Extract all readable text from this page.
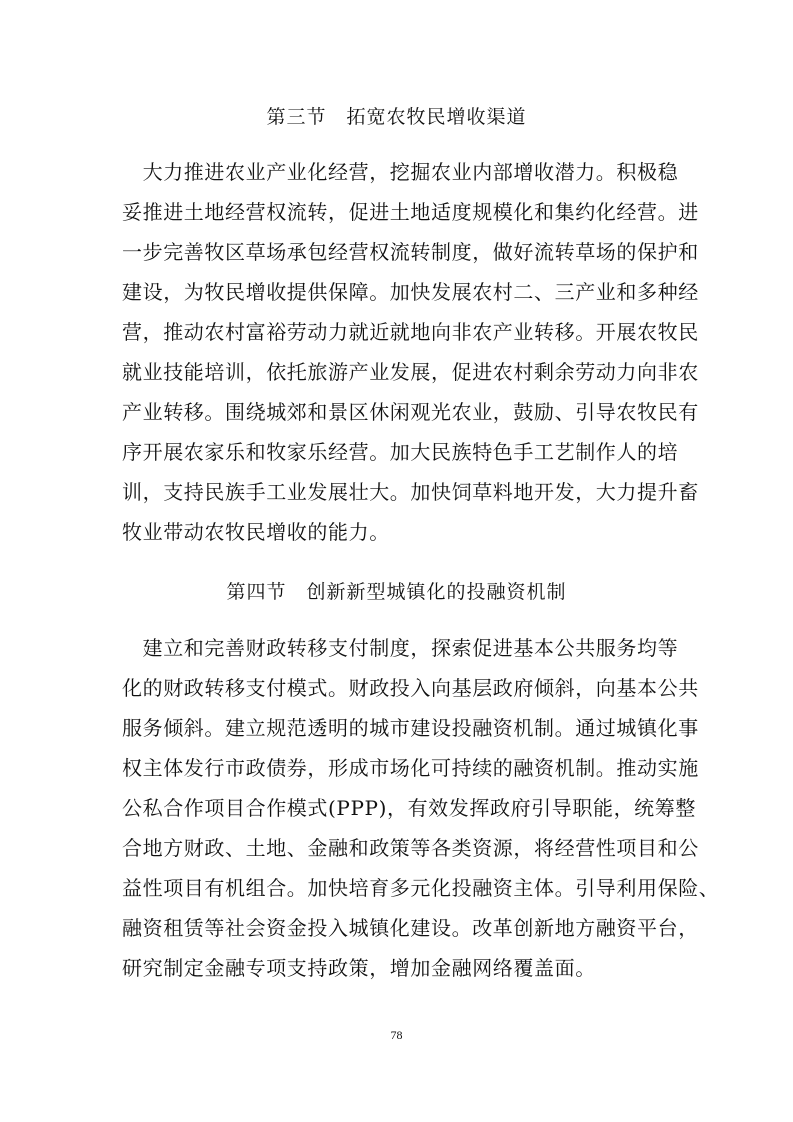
第三节　拓宽农牧民增收渠道
　大力推进农业产业化经营，挖掘农业内部增收潜力。积极稳
妥推进土地经营权流转，促进土地适度规模化和集约化经营。进
一步完善牧区草场承包经营权流转制度，做好流转草场的保护和
建设，为牧民增收提供保障。加快发展农村二、三产业和多种经
营，推动农村富裕劳动力就近就地向非农产业转移。开展农牧民
就业技能培训，依托旅游产业发展，促进农村剩余劳动力向非农
产业转移。围绕城郊和景区休闲观光农业，鼓励、引导农牧民有
序开展农家乐和牧家乐经营。加大民族特色手工艺制作人的培
训，支持民族手工业发展壮大。加快饲草料地开发，大力提升畜
牧业带动农牧民增收的能力。
第四节　创新新型城镇化的投融资机制
　建立和完善财政转移支付制度，探索促进基本公共服务均等
化的财政转移支付模式。财政投入向基层政府倾斜，向基本公共
服务倾斜。建立规范透明的城市建设投融资机制。通过城镇化事
权主体发行市政债券，形成市场化可持续的融资机制。推动实施
公私合作项目合作模式(PPP)，有效发挥政府引导职能，统筹整
合地方财政、土地、金融和政策等各类资源，将经营性项目和公
益性项目有机组合。加快培育多元化投融资主体。引导利用保险、
融资租赁等社会资金投入城镇化建设。改革创新地方融资平台，
研究制定金融专项支持政策，增加金融网络覆盖面。
78
